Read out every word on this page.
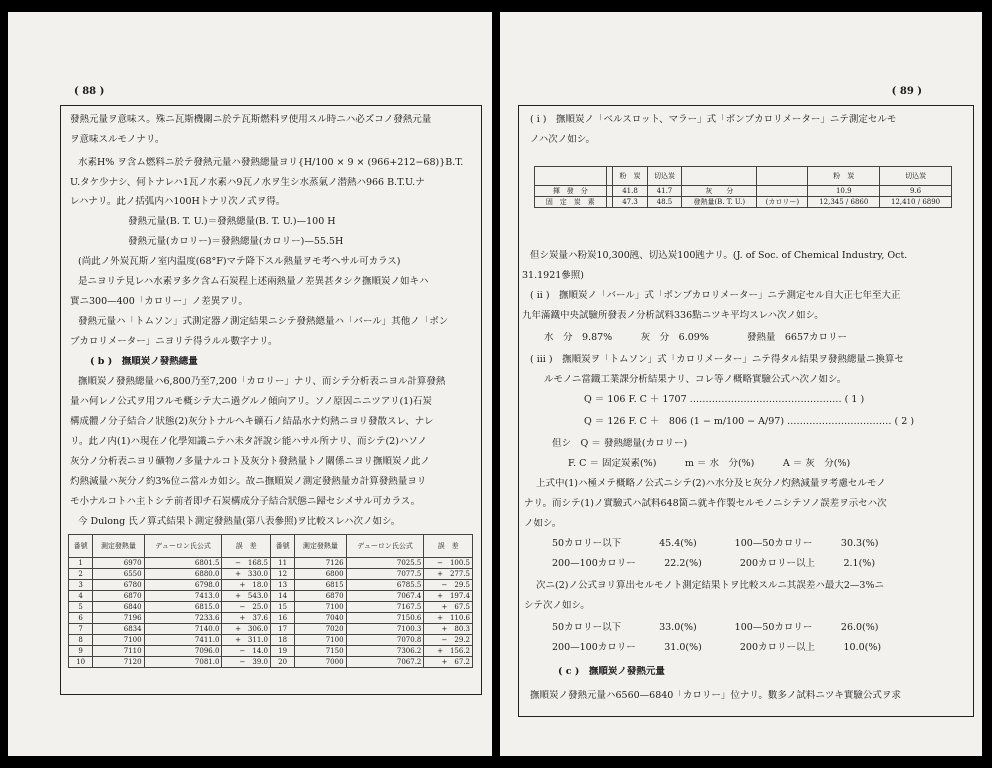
( 88 )
發熱元量ヲ意味ス。殊ニ瓦斯機關ニ於テ瓦斯燃料ヲ使用スル時ニハ必ズコノ發熱元量
ヲ意味スルモノナリ。
水素H% ヲ含ム燃料ニ於テ發熱元量ハ發熱總量ヨリ{H/100 × 9 × (966+212−68)}B.T.
U.タケ少ナシ、何トナレハ1瓦ノ水素ハ9瓦ノ水ヲ生シ水蒸氣ノ潜熱ハ966 B.T.U.ナ
レハナリ。此ノ括弧内ハ100Hトナリ次ノ式ヲ得。
發熱元量(B. T. U.)＝發熱總量(B. T. U.)—100 H
發熱元量(カロリー)＝發熱總量(カロリー)—55.5H
(尚此ノ外炭瓦斯ノ室内温度(68°F)マテ降下スル熱量ヲモ考ヘサル可カラス)
是ニヨリテ見レハ水素ヲ多ク含ム石炭程上述兩熱量ノ差異甚タシク撫順炭ノ如キハ
實ニ300—400「カロリー」ノ差異アリ。
發熱元量ハ「トムソン」式測定器ノ測定結果ニシテ發熱總量ハ「バール」其他ノ「ボン
ブカロリメーター」ニヨリテ得ラルル數字ナリ。
( b )　撫順炭ノ發熱總量
撫順炭ノ發熱總量ハ6,800乃至7,200「カロリー」ナリ、而シテ分析表ニヨル計算發熱
量ハ何レノ公式ヲ用フルモ概シテ大ニ過グルノ傾向アリ。ソノ原因ニニツアリ(1)石炭
構成體ノ分子結合ノ狀態(2)灰分トナルヘキ礦石ノ結晶水ナ灼熱ニヨリ發散スレ、ナレ
リ。此ノ内(1)ハ現在ノ化學知識ニテハ未タ評說シ能ハサル所ナリ、而シテ(2)ハソノ
灰分ノ分析表ニヨリ礦物ノ多量ナルコト及灰分ト發熱量トノ關係ニヨリ撫順炭ノ此ノ
灼熱減量ハ灰分ノ約3%位ニ當ルカ如シ。故ニ撫順炭ノ測定發熱量カ計算發熱量ヨリ
モ小ナルコトハ主トシテ前者即チ石炭構成分子結合狀態ニ歸セシメサル可カラス。
今 Dulong 氏ノ算式結果ト測定發熱量(第八表參照)ヲ比較スレハ次ノ如シ。
番號	測定發熱量	デューロン氏公式	誤　差	番號	測定發熱量	デューロン氏公式	誤　差
1	6970	6801.5	−　168.5	11	7126	7025.5	−　100.5
2	6550	6880.0	+　330.0	12	6800	7077.5	+　277.5
3	6780	6798.0	+　18.0	13	6815	6785.5	−　29.5
4	6870	7413.0	+　543.0	14	6870	7067.4	+　197.4
5	6840	6815.0	−　25.0	15	7100	7167.5	+　67.5
6	7196	7233.6	+　37.6	16	7040	7150.6	+　110.6
7	6834	7140.0	+　306.0	17	7020	7100.3	+　80.3
8	7100	7411.0	+　311.0	18	7100	7070.8	−　29.2
9	7110	7096.0	−　14.0	19	7150	7306.2	+　156.2
10	7120	7081.0	−　39.0	20	7000	7067.2	+　67.2
( 89 )
( i )　撫順炭ノ「ベルスロット、マラー」式「ボンブカロリメーター」ニテ測定セルモ
ノハ次ノ如シ。
		粉　炭	切込炭			粉　炭	切込炭
揮　發　分		41.8	41.7	灰　　分		10.9	9.6
固　定　炭　素		47.3	48.5	發熱量(B. T. U.)	(カロリー)	12,345 / 6860	12,410 / 6890
但シ炭量ハ粉炭10,300瓲、切込炭100瓲ナリ。(J. of Soc. of Chemical Industry, Oct.
31.1921參照)
( ii )　撫順炭ノ「バール」式「ボンブカロリメーター」ニテ測定セル自大正七年至大正
九年滿鐵中央試驗所發表ノ分析試料336點ニツキ平均スレハ次ノ如シ。
水　分　9.87%　　　灰　分　6.09%　　　　發熱量　6657カロリー
( iii )　撫順炭ヲ「トムソン」式「カロリメーター」ニテ得タル結果ヲ發熱總量ニ換算セ
ルモノニ當鐵工業課分析結果ナリ、コレ等ノ概略實驗公式ハ次ノ如シ。
Q ＝ 106 F. C ＋ 1707 ………………………………………… ( 1 )
Q ＝ 126 F. C ＋　806 (1 − m/100 − A/97) …………………………… ( 2 )
但シ　Q ＝ 發熱總量(カロリー)
F. C ＝ 固定炭素(%)　　　m ＝ 水　分(%)　　　A ＝ 灰　分(%)
上式中(1)ハ極メテ概略ノ公式ニシテ(2)ハ水分及ヒ灰分ノ灼熱減量ヲ考慮セルモノ
ナリ。而シテ(1)ノ實驗式ハ試料648箇ニ就キ作製セルモノニシテソノ誤差ヲ示セハ次
ノ如シ。
50カロリー以下　　　　45.4(%)　　　　100—50カロリー　　　30.3(%)
200—100カロリー　　　22.2(%)　　　　200カロリー以上　　　2.1(%)
次ニ(2)ノ公式ヨリ算出セルモノト測定結果トヲ比較スルニ其誤差ハ最大2—3%ニ
シテ次ノ如シ。
50カロリー以下　　　　33.0(%)　　　　100—50カロリー　　　26.0(%)
200—100カロリー　　　31.0(%)　　　　200カロリー以上　　　10.0(%)
( c )　撫順炭ノ發熱元量
撫順炭ノ發熱元量ハ6560—6840「カロリー」位ナリ。數多ノ試料ニツキ實驗公式ヲ求
